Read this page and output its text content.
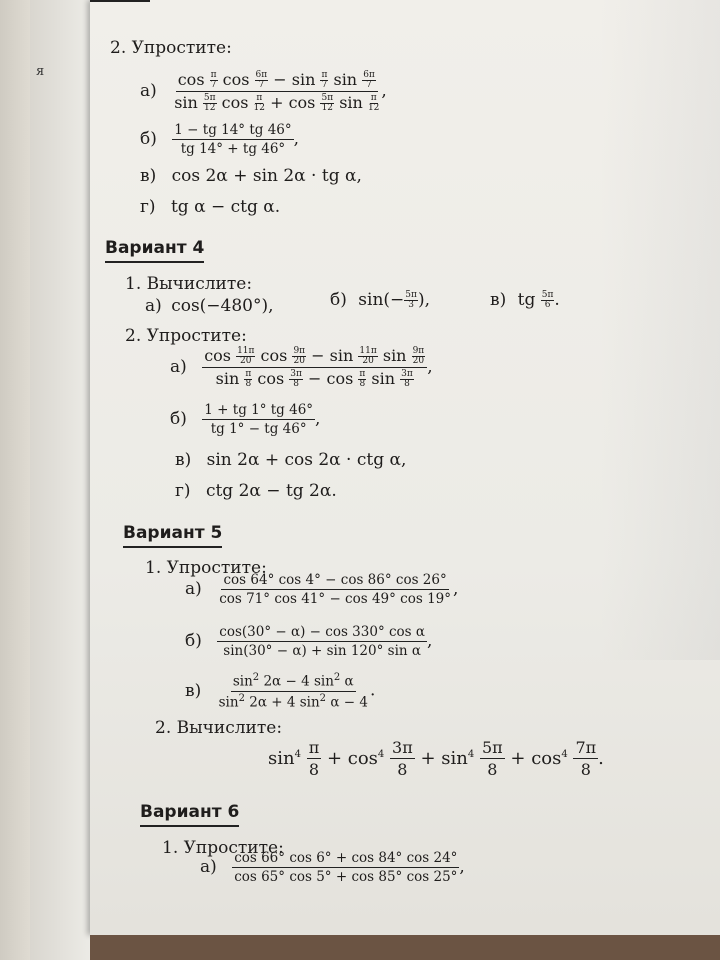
я
2. Упростите:
$а) \frac{\cos \frac{\pi}{7} \cos \frac{6\pi}{7} - \sin \frac{\pi}{7} \sin \frac{6\pi}{7}}{\sin \frac{5\pi}{12} \cos \frac{\pi}{12} + \cos \frac{5\pi}{12} \sin \frac{\pi}{12}}$ ,
$б) \frac{1 - tg 14^\circ tg 46^\circ}{tg 14^\circ + tg 46^\circ}$ ,
в) cos 2α + sin 2α · tg α,
г) tg α − ctg α.
Вариант 4
1. Вычислите:
а) cos(−480°),	б) $\sin(- \frac{5\pi}{3}$ ),	в) tg $\frac{5\pi}{6}$ .
2. Упростите:
$а) \frac{\cos \frac{11\pi}{20} \cos \frac{9\pi}{20} - \sin \frac{11\pi}{20} \sin \frac{9\pi}{20}}{\sin \frac{\pi}{8} \cos \frac{3\pi}{8} - \cos \frac{\pi}{8} \sin \frac{3\pi}{8}}$ ,
$б) \frac{1 + tg 1^\circ tg 46^\circ}{tg 1^\circ - tg 46^\circ}$ ,
в) sin 2α + cos 2α · ctg α,
г) ctg 2α − tg 2α.
Вариант 5
1. Упростите:
$а) \frac{\cos 64^\circ \cos 4^\circ - \cos 86^\circ \cos 26^\circ}{\cos 71^\circ \cos 41^\circ - \cos 49^\circ \cos 19^\circ}$ ,
$б) \frac{\text{cos(30° − α) − cos 330° cos α}}{\text{sin(30° − α) + sin 120° sin α}}$ ,
$в) \frac{\sin^2 2\alpha - 4 \sin^2 \alpha}{\sin^2 2\alpha + 4 \sin^2 \alpha - 4}$ .
2. Вычислите:
$\sin^4 \frac{\pi}{8} + \cos^4 \frac{3\pi}{8} + \sin^4 \frac{5\pi}{8} + \cos^4 \frac{7\pi}{8}$ .
Вариант 6
1. Упростите:
$а) \frac{\cos 66^\circ \cos 6^\circ + \cos 84^\circ \cos 24^\circ}{\cos 65^\circ \cos 5^\circ + \cos 85^\circ \cos 25^\circ}$ ,
